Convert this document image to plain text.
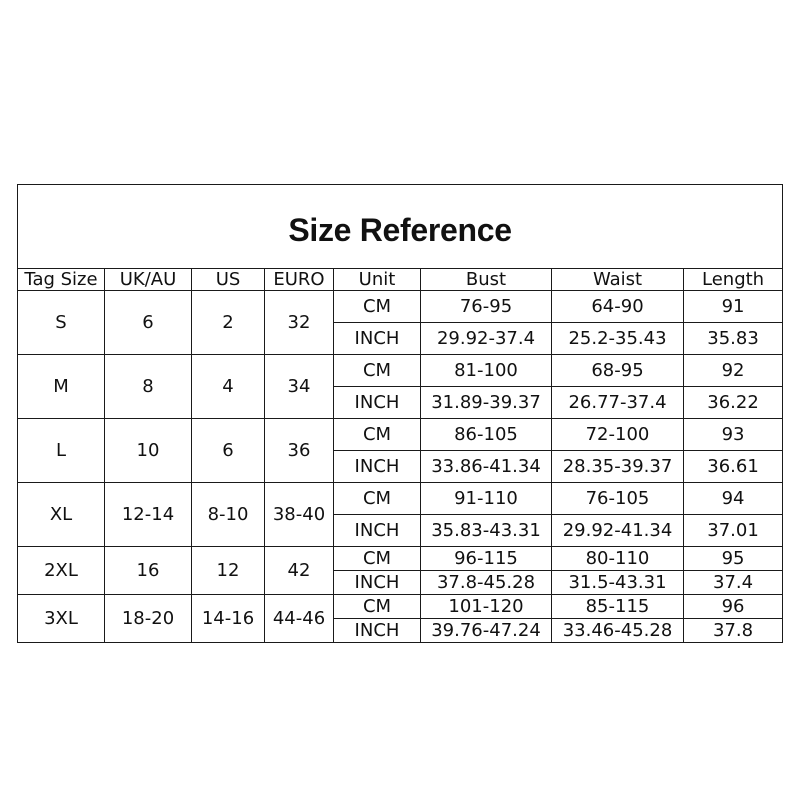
Size Reference							
Tag Size	UK/AU	US	EURO	Unit	Bust	Waist	Length
S	6	2	32	CM	76-95	64-90	91
				INCH	29.92-37.4	25.2-35.43	35.83
M	8	4	34	CM	81-100	68-95	92
				INCH	31.89-39.37	26.77-37.4	36.22
L	10	6	36	CM	86-105	72-100	93
				INCH	33.86-41.34	28.35-39.37	36.61
XL	12-14	8-10	38-40	CM	91-110	76-105	94
				INCH	35.83-43.31	29.92-41.34	37.01
2XL	16	12	42	CM	96-115	80-110	95
				INCH	37.8-45.28	31.5-43.31	37.4
3XL	18-20	14-16	44-46	CM	101-120	85-115	96
				INCH	39.76-47.24	33.46-45.28	37.8
